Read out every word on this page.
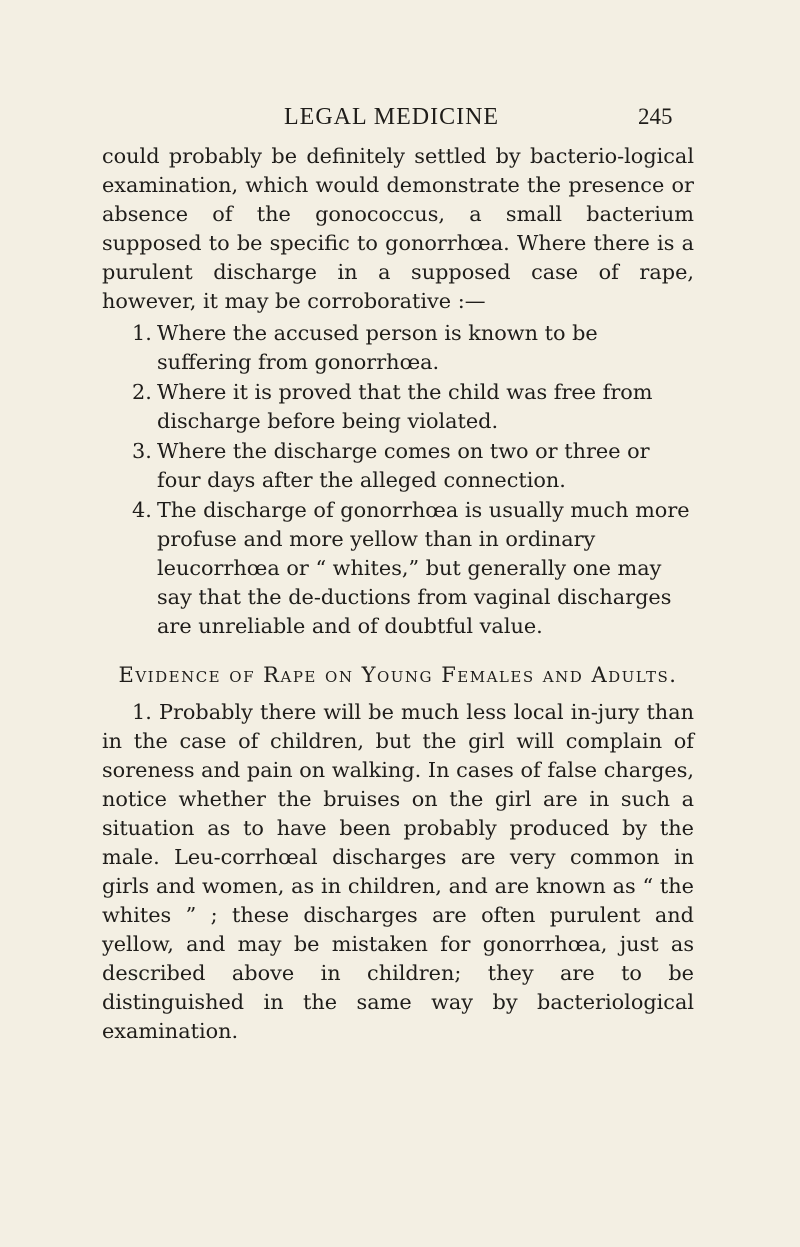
LEGAL MEDICINE	245

could probably be definitely settled by bacterio-logical examination, which would demonstrate the presence or absence of the gonococcus, a small bacterium supposed to be specific to gonorrhœa. Where there is a purulent discharge in a supposed case of rape, however, it may be corroborative :—

1. Where the accused person is known to be suffering from gonorrhœa.
2. Where it is proved that the child was free from discharge before being violated.
3. Where the discharge comes on two or three or four days after the alleged connection.
4. The discharge of gonorrhœa is usually much more profuse and more yellow than in ordinary leucorrhœa or “ whites,” but generally one may say that the de-ductions from vaginal discharges are unreliable and of doubtful value.
Evidence of Rape on Young Females and Adults.

1. Probably there will be much less local in-jury than in the case of children, but the girl will complain of soreness and pain on walking. In cases of false charges, notice whether the bruises on the girl are in such a situation as to have been probably produced by the male. Leu-corrhœal discharges are very common in girls and women, as in children, and are known as “ the whites ” ; these discharges are often purulent and yellow, and may be mistaken for gonorrhœa, just as described above in children; they are to be distinguished in the same way by bacteriological examination.
